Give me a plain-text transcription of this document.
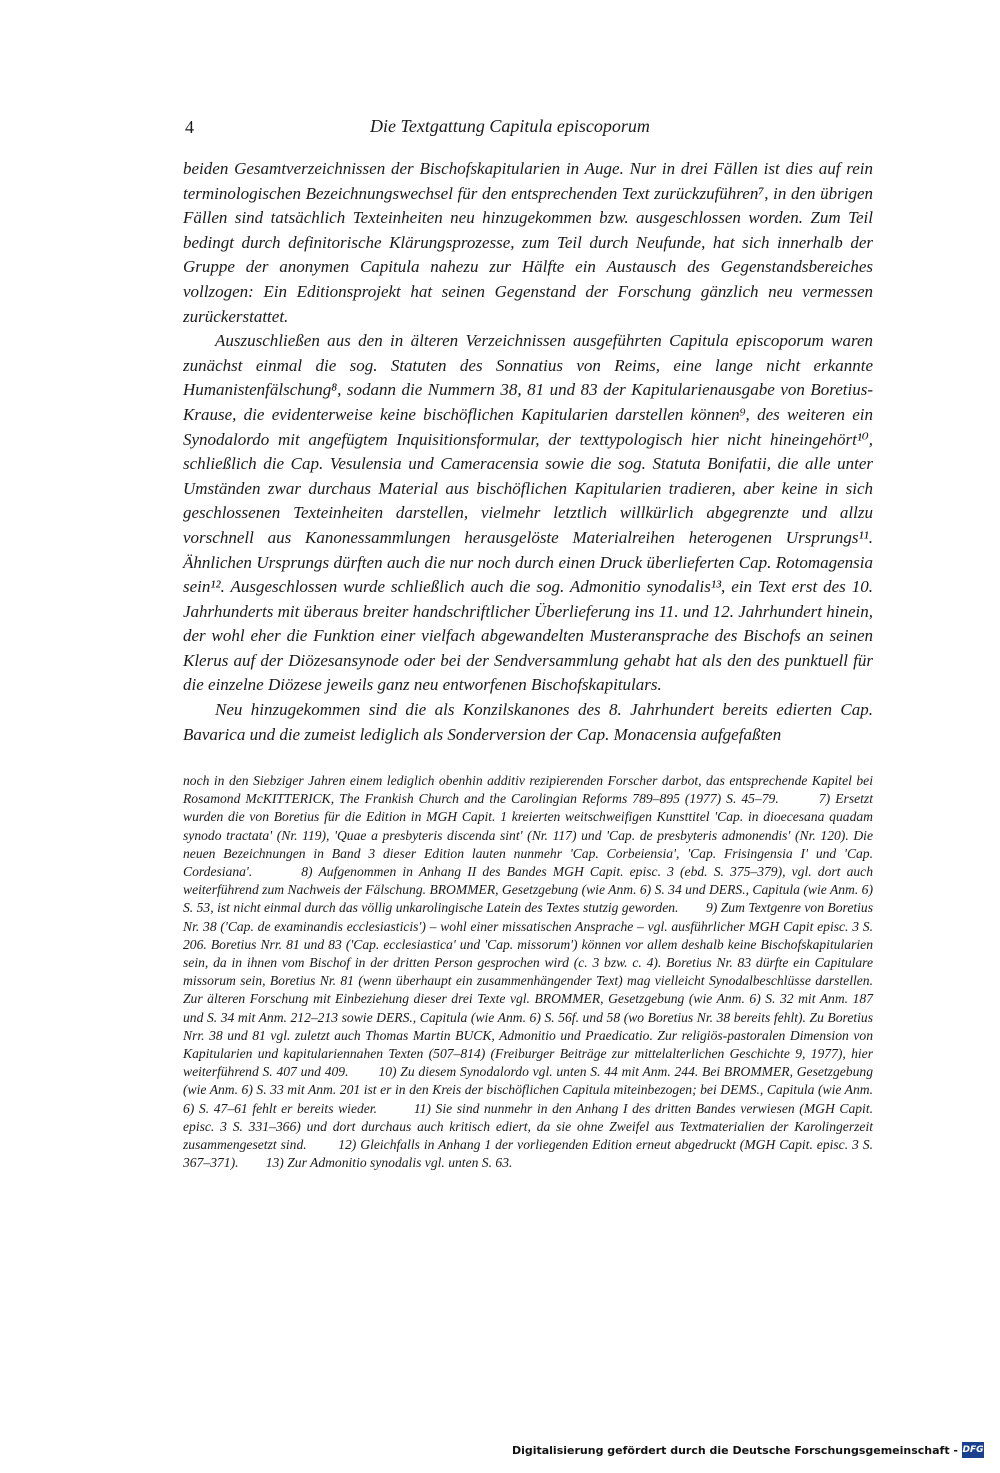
4	Die Textgattung Capitula episcoporum

beiden Gesamtverzeichnissen der Bischofskapitularien in Auge. Nur in drei Fällen ist dies auf rein terminologischen Bezeichnungswechsel für den entsprechenden Text zurückzuführen⁷, in den übrigen Fällen sind tatsächlich Texteinheiten neu hinzugekommen bzw. ausgeschlossen worden. Zum Teil bedingt durch definitorische Klärungsprozesse, zum Teil durch Neufunde, hat sich innerhalb der Gruppe der anonymen Capitula nahezu zur Hälfte ein Austausch des Gegenstandsbereiches vollzogen: Ein Editionsprojekt hat seinen Gegenstand der Forschung gänzlich neu vermessen zurückerstattet.

Auszuschließen aus den in älteren Verzeichnissen ausgeführten Capitula episcoporum waren zunächst einmal die sog. Statuten des Sonnatius von Reims, eine lange nicht erkannte Humanistenfälschung⁸, sodann die Nummern 38, 81 und 83 der Kapitularienausgabe von Boretius-Krause, die evidenterweise keine bischöflichen Kapitularien darstellen können⁹, des weiteren ein Synodalordo mit angefügtem Inquisitionsformular, der texttypologisch hier nicht hineingehört¹⁰, schließlich die Cap. Vesulensia und Cameracensia sowie die sog. Statuta Bonifatii, die alle unter Umständen zwar durchaus Material aus bischöflichen Kapitularien tradieren, aber keine in sich geschlossenen Texteinheiten darstellen, vielmehr letztlich willkürlich abgegrenzte und allzu vorschnell aus Kanonessammlungen herausgelöste Materialreihen heterogenen Ursprungs¹¹. Ähnlichen Ursprungs dürften auch die nur noch durch einen Druck überlieferten Cap. Rotomagensia sein¹². Ausgeschlossen wurde schließlich auch die sog. Admonitio synodalis¹³, ein Text erst des 10. Jahrhunderts mit überaus breiter handschriftlicher Überlieferung ins 11. und 12. Jahrhundert hinein, der wohl eher die Funktion einer vielfach abgewandelten Musteransprache des Bischofs an seinen Klerus auf der Diözesansynode oder bei der Sendversammlung gehabt hat als den des punktuell für die einzelne Diözese jeweils ganz neu entworfenen Bischofskapitulars.

Neu hinzugekommen sind die als Konzilskanones des 8. Jahrhundert bereits edierten Cap. Bavarica und die zumeist lediglich als Sonderversion der Cap. Monacensia aufgefaßten

noch in den Siebziger Jahren einem lediglich obenhin additiv rezipierenden Forscher darbot, das entsprechende Kapitel bei Rosamond McKITTERICK, The Frankish Church and the Carolingian Reforms 789–895 (1977) S. 45–79.        7) Ersetzt wurden die von Boretius für die Edition in MGH Capit. 1 kreierten weitschweifigen Kunsttitel 'Cap. in dioecesana quadam synodo tractata' (Nr. 119), 'Quae a presbyteris discenda sint' (Nr. 117) und 'Cap. de presbyteris admonendis' (Nr. 120). Die neuen Bezeichnungen in Band 3 dieser Edition lauten nunmehr 'Cap. Corbeiensia', 'Cap. Frisingensia I' und 'Cap. Cordesiana'.        8) Aufgenommen in Anhang II des Bandes MGH Capit. episc. 3 (ebd. S. 375–379), vgl. dort auch weiterführend zum Nachweis der Fälschung. BROMMER, Gesetzgebung (wie Anm. 6) S. 34 und DERS., Capitula (wie Anm. 6) S. 53, ist nicht einmal durch das völlig unkarolingische Latein des Textes stutzig geworden.        9) Zum Textgenre von Boretius Nr. 38 ('Cap. de examinandis ecclesiasticis') – wohl einer missatischen Ansprache – vgl. ausführlicher MGH Capit episc. 3 S. 206. Boretius Nrr. 81 und 83 ('Cap. ecclesiastica' und 'Cap. missorum') können vor allem deshalb keine Bischofskapitularien sein, da in ihnen vom Bischof in der dritten Person gesprochen wird (c. 3 bzw. c. 4). Boretius Nr. 83 dürfte ein Capitulare missorum sein, Boretius Nr. 81 (wenn überhaupt ein zusammenhängender Text) mag vielleicht Synodalbeschlüsse darstellen. Zur älteren Forschung mit Einbeziehung dieser drei Texte vgl. BROMMER, Gesetzgebung (wie Anm. 6) S. 32 mit Anm. 187 und S. 34 mit Anm. 212–213 sowie DERS., Capitula (wie Anm. 6) S. 56f. und 58 (wo Boretius Nr. 38 bereits fehlt). Zu Boretius Nrr. 38 und 81 vgl. zuletzt auch Thomas Martin BUCK, Admonitio und Praedicatio. Zur religiös-pastoralen Dimension von Kapitularien und kapitulariennahen Texten (507–814) (Freiburger Beiträge zur mittelalterlichen Geschichte 9, 1977), hier weiterführend S. 407 und 409.        10) Zu diesem Synodalordo vgl. unten S. 44 mit Anm. 244. Bei BROMMER, Gesetzgebung (wie Anm. 6) S. 33 mit Anm. 201 ist er in den Kreis der bischöflichen Capitula miteinbezogen; bei DEMS., Capitula (wie Anm. 6) S. 47–61 fehlt er bereits wieder.        11) Sie sind nunmehr in den Anhang I des dritten Bandes verwiesen (MGH Capit. episc. 3 S. 331–366) und dort durchaus auch kritisch ediert, da sie ohne Zweifel aus Textmaterialien der Karolingerzeit zusammengesetzt sind.        12) Gleichfalls in Anhang 1 der vorliegenden Edition erneut abgedruckt (MGH Capit. episc. 3 S. 367–371).        13) Zur Admonitio synodalis vgl. unten S. 63.

Digitalisierung gefördert durch die Deutsche Forschungsgemeinschaft - DFG
